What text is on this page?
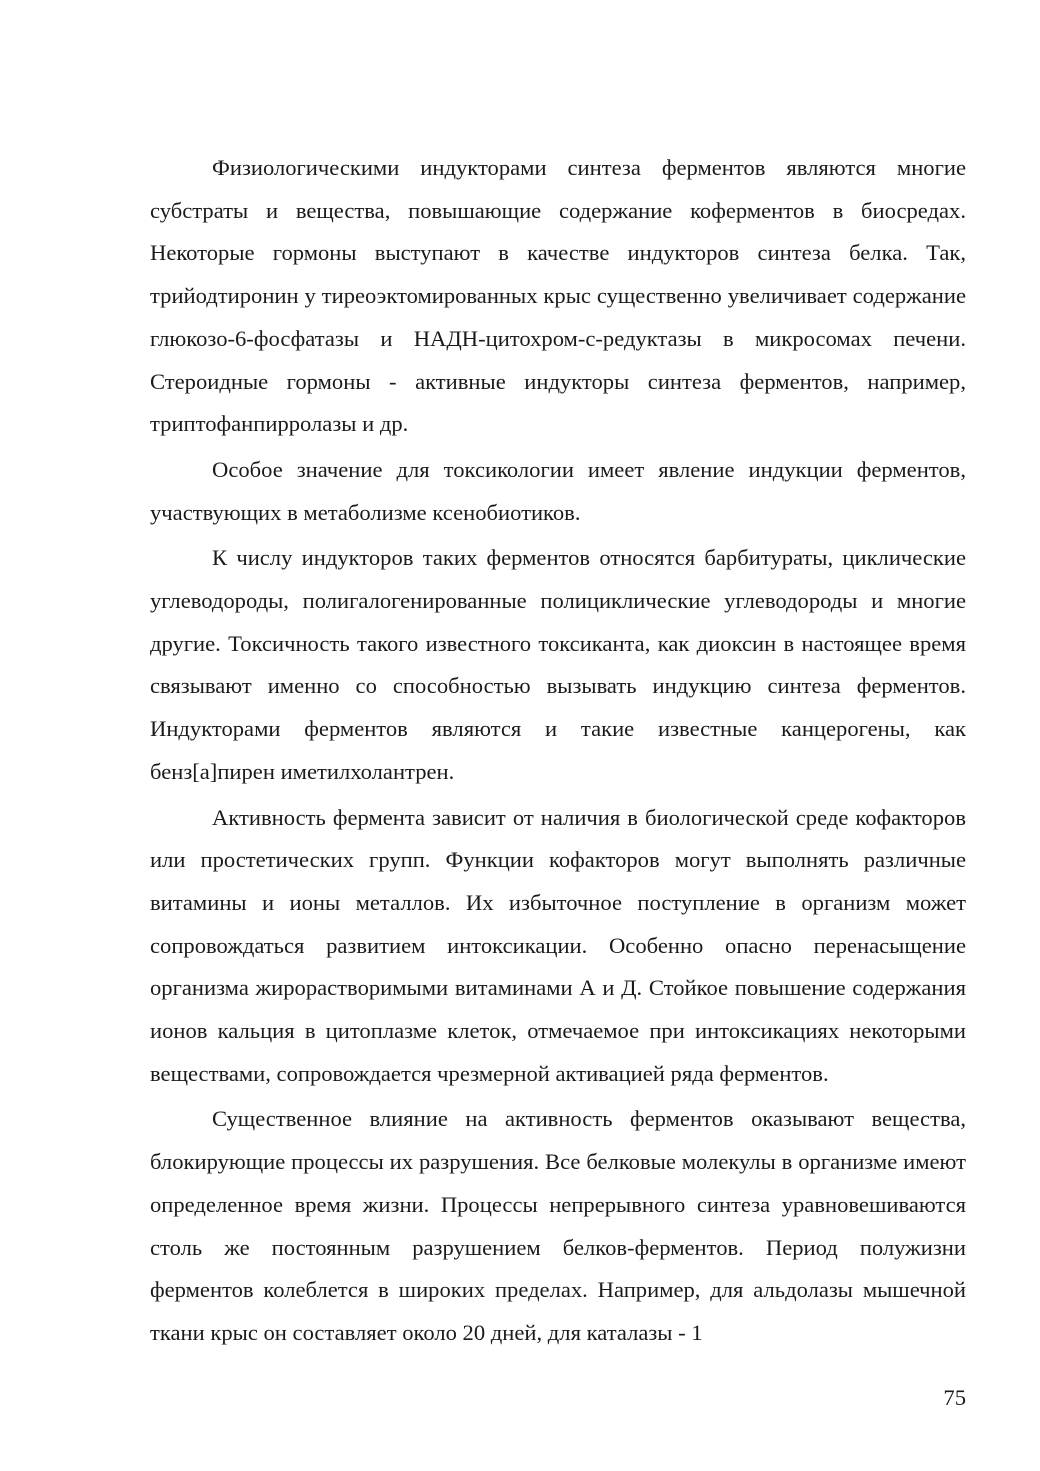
Физиологическими индукторами синтеза ферментов являются многие субстраты и вещества, повышающие содержание коферментов в биосредах. Некоторые гормоны выступают в качестве индукторов синтеза белка. Так, трийодтиронин у тиреоэктомированных крыс существенно увеличивает содержание глюкозо-6-фосфатазы и НАДН-цитохром-с-редуктазы в микросомах печени. Стероидные гормоны - активные индукторы синтеза ферментов, например, триптофанпирролазы и др.

Особое значение для токсикологии имеет явление индукции ферментов, участвующих в метаболизме ксенобиотиков.

К числу индукторов таких ферментов относятся барбитураты, циклические углеводороды, полигалогенированные полициклические углеводороды и многие другие. Токсичность такого известного токсиканта, как диоксин в настоящее время связывают именно со способностью вызывать индукцию синтеза ферментов. Индукторами ферментов являются и такие известные канцерогены, как бенз[а]пирен иметилхолантрен.

Активность фермента зависит от наличия в биологической среде кофакторов или простетических групп. Функции кофакторов могут выполнять различные витамины и ионы металлов. Их избыточное поступление в организм может сопровождаться развитием интоксикации. Особенно опасно перенасыщение организма жирорастворимыми витаминами А и Д. Стойкое повышение содержания ионов кальция в цитоплазме клеток, отмечаемое при интоксикациях некоторыми веществами, сопровождается чрезмерной активацией ряда ферментов.

Существенное влияние на активность ферментов оказывают вещества, блокирующие процессы их разрушения. Все белковые молекулы в организме имеют определенное время жизни. Процессы непрерывного синтеза уравновешиваются столь же постоянным разрушением белков-ферментов. Период полужизни ферментов колеблется в широких пределах. Например, для альдолазы мышечной ткани крыс он составляет около 20 дней, для каталазы - 1

75
